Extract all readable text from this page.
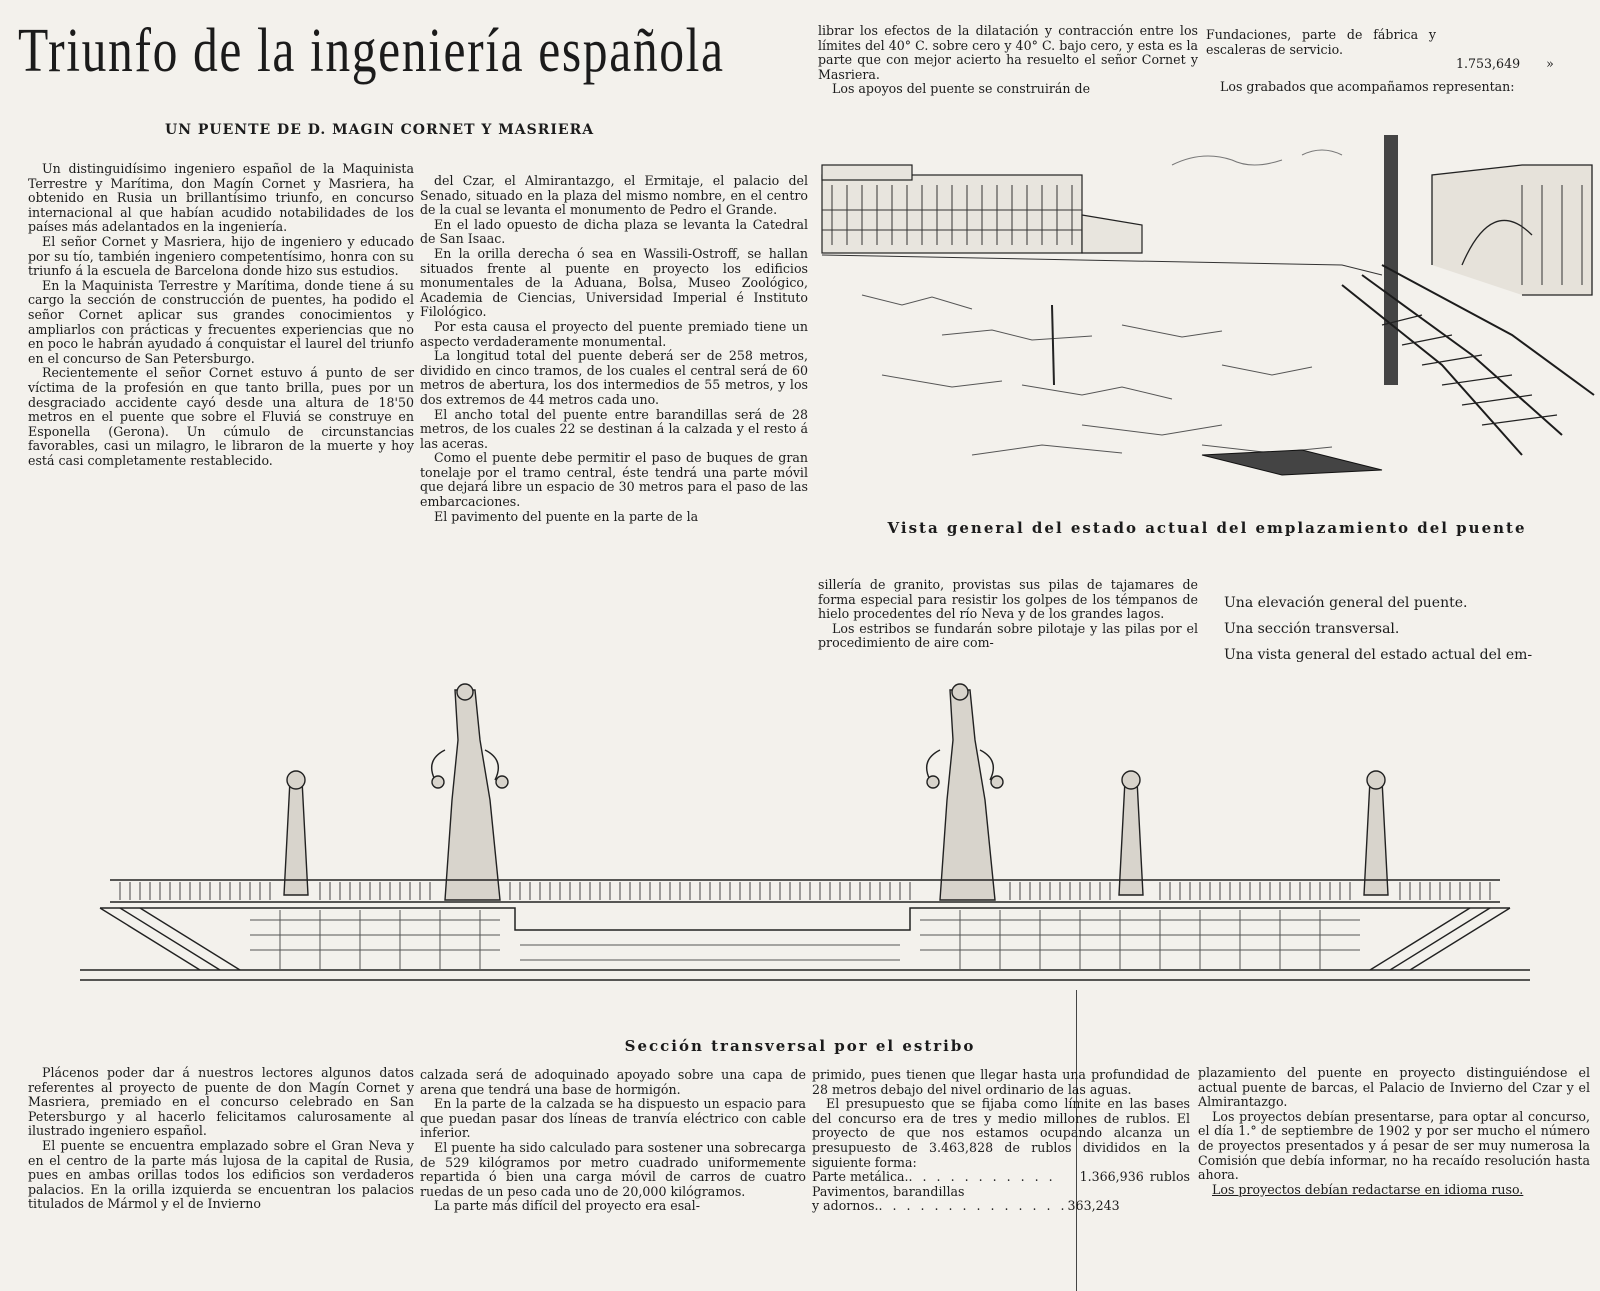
Triunfo de la ingeniería española
UN PUENTE DE D. MAGIN CORNET Y MASRIERA

Un distinguidísimo ingeniero español de la Maquinista Terrestre y Marítima, don Magín Cornet y Masriera, ha obtenido en Rusia un brillantísimo triunfo, en concurso internacional al que habían acudido notabilidades de los países más adelantados en la ingeniería.

El señor Cornet y Masriera, hijo de ingeniero y educado por su tío, también ingeniero competentísimo, honra con su triunfo á la escuela de Barcelona donde hizo sus estudios.

En la Maquinista Terrestre y Marítima, donde tiene á su cargo la sección de construcción de puentes, ha podido el señor Cornet aplicar sus grandes conocimientos y ampliarlos con prácticas y frecuentes experiencias que no en poco le habrán ayudado á conquistar el laurel del triunfo en el concurso de San Petersburgo.

Recientemente el señor Cornet estuvo á punto de ser víctima de la profesión en que tanto brilla, pues por un desgraciado accidente cayó desde una altura de 18'50 metros en el puente que sobre el Fluviá se construye en Esponella (Gerona). Un cúmulo de circunstancias favorables, casi un milagro, le libraron de la muerte y hoy está casi completamente restablecido.

del Czar, el Almirantazgo, el Ermitaje, el palacio del Senado, situado en la plaza del mismo nombre, en el centro de la cual se levanta el monumento de Pedro el Grande.

En el lado opuesto de dicha plaza se levanta la Catedral de San Isaac.

En la orilla derecha ó sea en Wassili-Ostroff, se hallan situados frente al puente en proyecto los edificios monumentales de la Aduana, Bolsa, Museo Zoológico, Academia de Ciencias, Universidad Imperial é Instituto Filológico.

Por esta causa el proyecto del puente premiado tiene un aspecto verdaderamente monumental.

La longitud total del puente deberá ser de 258 metros, dividido en cinco tramos, de los cuales el central será de 60 metros de abertura, los dos intermedios de 55 metros, y los dos extremos de 44 metros cada uno.

El ancho total del puente entre barandillas será de 28 metros, de los cuales 22 se destinan á la calzada y el resto á las aceras.

Como el puente debe permitir el paso de buques de gran tonelaje por el tramo central, éste tendrá una parte móvil que dejará libre un espacio de 30 metros para el paso de las embarcaciones.

El pavimento del puente en la parte de la

librar los efectos de la dilatación y contracción entre los límites del 40° C. sobre cero y 40° C. bajo cero, y esta es la parte que con mejor acierto ha resuelto el señor Cornet y Masriera.

Los apoyos del puente se construirán de

Fundaciones, parte de fábrica y escaleras de servicio.
1.753,649 »

Los grabados que acompañamos representan:

Vista general del estado actual del emplazamiento del puente

sillería de granito, provistas sus pilas de tajamares de forma especial para resistir los golpes de los témpanos de hielo procedentes del río Neva y de los grandes lagos.

Los estribos se fundarán sobre pilotaje y las pilas por el procedimiento de aire com-

Una elevación general del puente.
Una sección transversal.
Una vista general del estado actual del em-
Sección transversal por el estribo

Plácenos poder dar á nuestros lectores algunos datos referentes al proyecto de puente de don Magín Cornet y Masriera, premiado en el concurso celebrado en San Petersburgo y al hacerlo felicitamos calurosamente al ilustrado ingeniero español.

El puente se encuentra emplazado sobre el Gran Neva y en el centro de la parte más lujosa de la capital de Rusia, pues en ambas orillas todos los edificios son verdaderos palacios. En la orilla izquierda se encuentran los palacios titulados de Mármol y el de Invierno

calzada será de adoquinado apoyado sobre una capa de arena que tendrá una base de hormigón.

En la parte de la calzada se ha dispuesto un espacio para que puedan pasar dos líneas de tranvía eléctrico con cable inferior.

El puente ha sido calculado para sostener una sobrecarga de 529 kilógramos por metro cuadrado uniformemente repartida ó bien una carga móvil de carros de cuatro ruedas de un peso cada uno de 20,000 kilógramos.

La parte más difícil del proyecto era esal-

primido, pues tienen que llegar hasta una profundidad de 28 metros debajo del nivel ordinario de las aguas.

El presupuesto que se fijaba como límite en las bases del concurso era de tres y medio millones de rublos. El proyecto de que nos estamos ocupando alcanza un presupuesto de 3.463,828 de rublos divididos en la siguiente forma:

Parte metálica. . . . . . . . . . . .	1.366,936 rublos
Pavimentos, barandillas
y adornos. . . . . . . . . . . . . . . 363,243

plazamiento del puente en proyecto distinguiéndose el actual puente de barcas, el Palacio de Invierno del Czar y el Almirantazgo.

Los proyectos debían presentarse, para optar al concurso, el día 1.° de septiembre de 1902 y por ser mucho el número de proyectos presentados y á pesar de ser muy numerosa la Comisión que debía informar, no ha recaído resolución hasta ahora.

Los proyectos debían redactarse en idioma ruso.
